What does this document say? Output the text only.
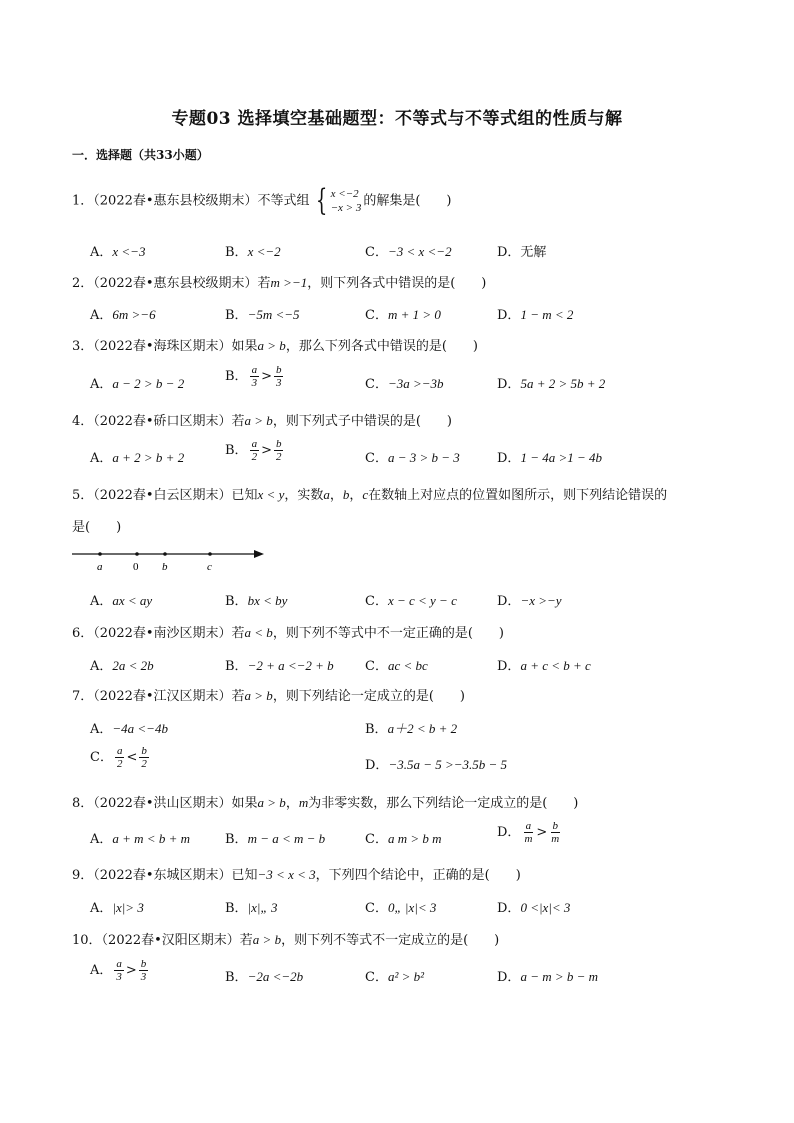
专题03 选择填空基础题型：不等式与不等式组的性质与解
一．选择题（共33小题）
1．（2022春•惠东县校级期末）不等式组 { x <−2
−x > 3 的解集是(　　)
A．x <−3	B．x <−2	C．−3 < x <−2	D．无解
2．（2022春•惠东县校级期末）若m >−1，则下列各式中错误的是(　　)
A．6m >−6	B．−5m <−5	C．m + 1 > 0	D．1 − m < 2
3．（2022春•海珠区期末）如果a > b，那么下列各式中错误的是(　　)
A．a − 2 > b − 2	B． $\frac{a}{3} > \frac{b}{3}$	C．−3a >−3b	D．5a + 2 > 5b + 2
4．（2022春•硚口区期末）若a > b，则下列式子中错误的是(　　)
A．a + 2 > b + 2	B． $\frac{a}{2} > \frac{b}{2}$	C．a − 3 > b − 3	D．1 − 4a >1 − 4b
5．（2022春•白云区期末）已知x < y，实数a，b，c在数轴上对应点的位置如图所示，则下列结论错误的
是(　　)
a	0 b	c
A．ax < ay	B．bx < by	C．x − c < y − c	D．−x >−y
6．（2022春•南沙区期末）若a < b，则下列不等式中不一定正确的是(　　)
A．2a < 2b	B．−2 + a <−2 + b C．ac < bc	D．a + c < b + c
7．（2022春•江汉区期末）若a > b，则下列结论一定成立的是(　　)
A．−4a <−4b	B．a＋2 < b + 2
C． $\frac{a}{2} < \frac{b}{2}$	D．−3.5a − 5 >−3.5b − 5
8．（2022春•洪山区期末）如果a > b，m为非零实数，那么下列结论一定成立的是(　　)
A．a + m < b + m	B．m − a < m − b	C．a m > b m	D． $\frac{a}{m} > \frac{b}{m}$
9．（2022春•东城区期末）已知−3 < x < 3，下列四个结论中，正确的是(　　)
A．|x|> 3	B．|x|„ 3	C．0„ |x|< 3	D．0 <|x|< 3
10．（2022春•汉阳区期末）若a > b，则下列不等式不一定成立的是(　　)
A． $\frac{a}{3} > \frac{b}{3}$	B．−2a <−2b	C．a² > b²	D．a − m > b − m
